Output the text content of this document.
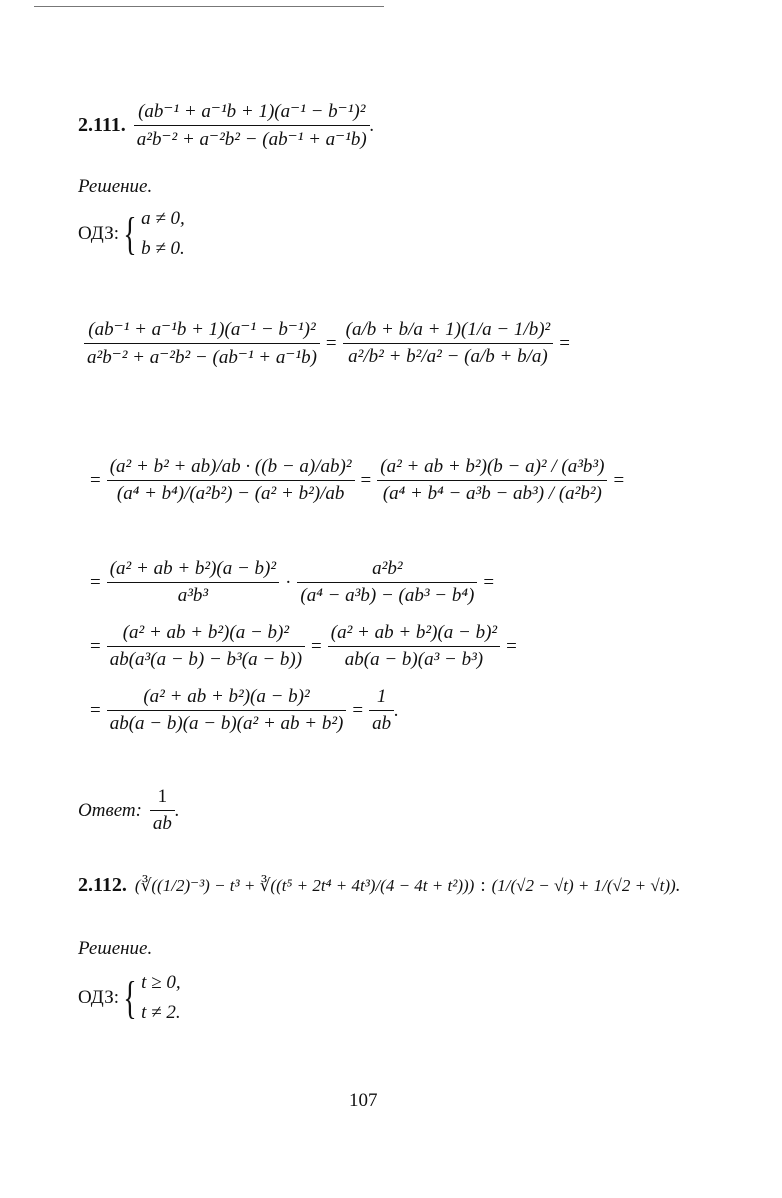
2.111. $\frac{\text{(ab⁻¹ + a⁻¹b + 1)(a⁻¹ − b⁻¹)²}}{\text{a²b⁻² + a⁻²b² − (ab⁻¹ + a⁻¹b)}}$ .
Решение.
ОДЗ: { a ≠ 0,
b ≠ 0.
$\frac{\text{(ab⁻¹ + a⁻¹b + 1)(a⁻¹ − b⁻¹)²}}{\text{a²b⁻² + a⁻²b² − (ab⁻¹ + a⁻¹b)}} = \frac{\text{(a/b + b/a + 1)(1/a − 1/b)²}}{\text{a²/b² + b²/a² − (a/b + b/a)}}$ =
= $\frac{\text{(a² + b² + ab)/ab · ((b − a)/ab)²}}{\text{(a⁴ + b⁴)/(a²b²) − (a² + b²)/ab}} = \frac{\text{(a² + ab + b²)(b − a)² / (a³b³)}}{\text{(a⁴ + b⁴ − a³b − ab³) / (a²b²)}}$ =
= $\frac{\text{(a² + ab + b²)(a − b)²}}{\text{a³b³}} \cdot \frac{\text{a²b²}}{\text{(a⁴ − a³b) − (ab³ − b⁴)}}$ =
= $\frac{\text{(a² + ab + b²)(a − b)²}}{\text{ab(a³(a − b) − b³(a − b))}} = \frac{\text{(a² + ab + b²)(a − b)²}}{\text{ab(a − b)(a³ − b³)}}$ =
= $\frac{\text{(a² + ab + b²)(a − b)²}}{\text{ab(a − b)(a − b)(a² + ab + b²)}} = \frac{1}{ab}$ .
Ответ: $\frac{1}{ab}$ .
2.112. (∛((1/2)⁻³) − t³ + ∛((t⁵ + 2t⁴ + 4t³)/(4 − 4t + t²))) : (1/(√2 − √t) + 1/(√2 + √t)) .
Решение.
ОДЗ: { t ≥ 0,
t ≠ 2.
107
